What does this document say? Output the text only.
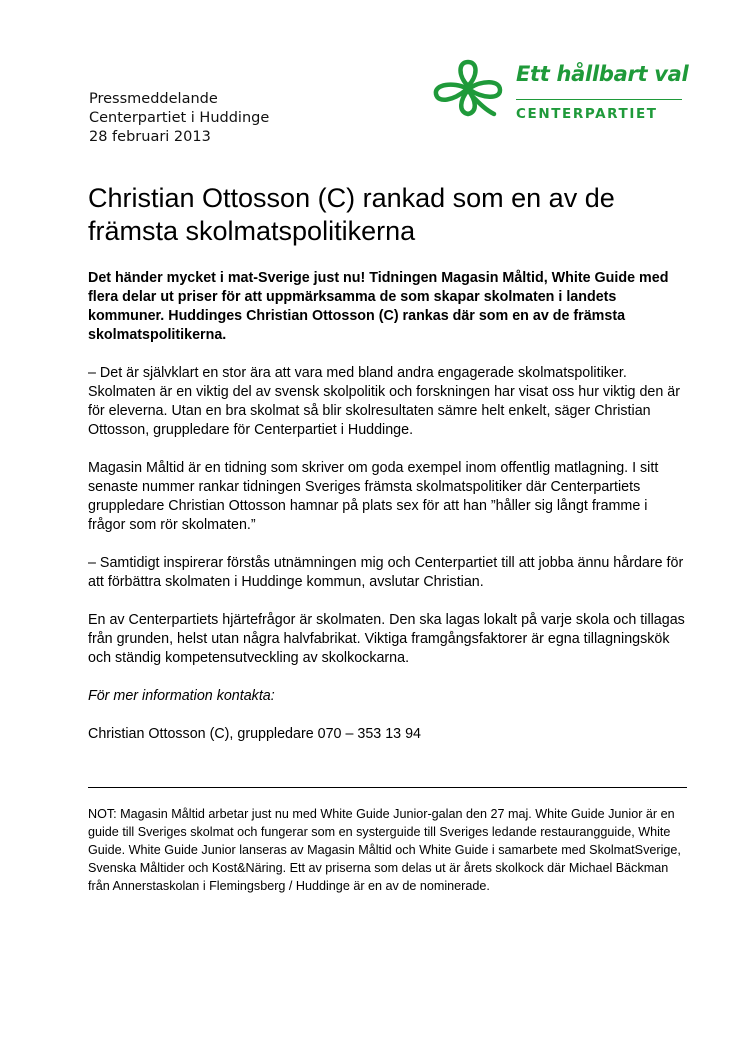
Pressmeddelande
Centerpartiet i Huddinge
28 februari 2013
Ett hållbart val
CENTERPARTIET
Christian Ottosson (C) rankad som en av de främsta skolmatspolitikerna

Det händer mycket i mat-Sverige just nu! Tidningen Magasin Måltid, White Guide med flera delar ut priser för att uppmärksamma de som skapar skolmaten i landets kommuner. Huddinges Christian Ottosson (C) rankas där som en av de främsta skolmatspolitikerna.

– Det är självklart en stor ära att vara med bland andra engagerade skolmatspolitiker. Skolmaten är en viktig del av svensk skolpolitik och forskningen har visat oss hur viktig den är för eleverna. Utan en bra skolmat så blir skolresultaten sämre helt enkelt, säger Christian Ottosson, gruppledare för Centerpartiet i Huddinge.

Magasin Måltid är en tidning som skriver om goda exempel inom offentlig matlagning. I sitt senaste nummer rankar tidningen Sveriges främsta skolmatspolitiker där Centerpartiets gruppledare Christian Ottosson hamnar på plats sex för att han ”håller sig långt framme i frågor som rör skolmaten.”

– Samtidigt inspirerar förstås utnämningen mig och Centerpartiet till att jobba ännu hårdare för att förbättra skolmaten i Huddinge kommun, avslutar Christian.

En av Centerpartiets hjärtefrågor är skolmaten. Den ska lagas lokalt på varje skola och tillagas från grunden, helst utan några halvfabrikat. Viktiga framgångsfaktorer är egna tillagningskök och ständig kompetensutveckling av skolkockarna.

För mer information kontakta:

Christian Ottosson (C), gruppledare 070 – 353 13 94

NOT: Magasin Måltid arbetar just nu med White Guide Junior-galan den 27 maj. White Guide Junior är en guide till Sveriges skolmat och fungerar som en systerguide till Sveriges ledande restaurangguide, White Guide. White Guide Junior lanseras av Magasin Måltid och White Guide i samarbete med SkolmatSverige, Svenska Måltider och Kost&Näring. Ett av priserna som delas ut är årets skolkock där Michael Bäckman från Annerstaskolan i Flemingsberg / Huddinge är en av de nominerade.
